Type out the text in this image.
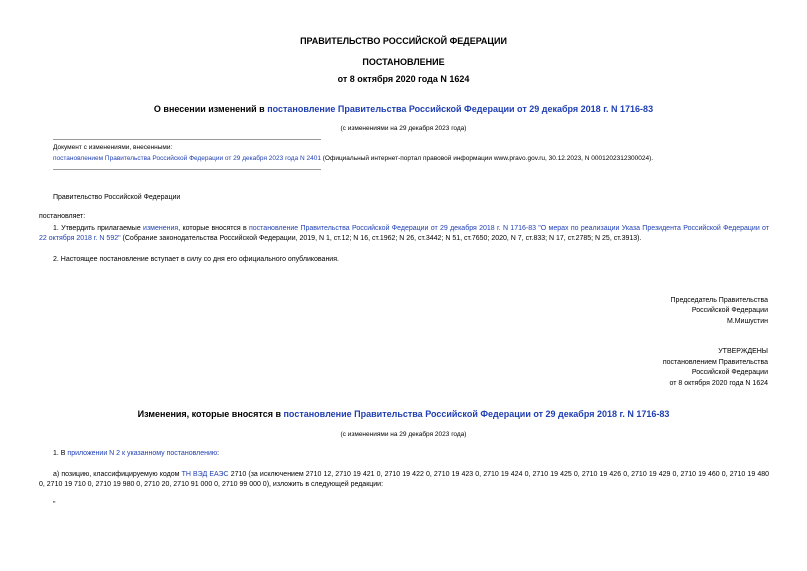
ПРАВИТЕЛЬСТВО РОССИЙСКОЙ ФЕДЕРАЦИИ
ПОСТАНОВЛЕНИЕ
от 8 октября 2020 года N 1624
О внесении изменений в постановление Правительства Российской Федерации от 29 декабря 2018 г. N 1716-83
(с изменениями на 29 декабря 2023 года)
Документ с изменениями, внесенными:
постановлением Правительства Российской Федерации от 29 декабря 2023 года N 2401 (Официальный интернет-портал правовой информации www.pravo.gov.ru, 30.12.2023, N 0001202312300024).
Правительство Российской Федерации
постановляет:
1. Утвердить прилагаемые изменения, которые вносятся в постановление Правительства Российской Федерации от 29 декабря 2018 г. N 1716-83 "О мерах по реализации Указа Президента Российской Федерации от 22 октября 2018 г. N 592" (Собрание законодательства Российской Федерации, 2019, N 1, ст.12; N 16, ст.1962; N 26, ст.3442; N 51, ст.7650; 2020, N 7, ст.833; N 17, ст.2785; N 25, ст.3913).
2. Настоящее постановление вступает в силу со дня его официального опубликования.
Председатель Правительства
Российской Федерации
М.Мишустин
УТВЕРЖДЕНЫ
постановлением Правительства
Российской Федерации
от 8 октября 2020 года N 1624
Изменения, которые вносятся в постановление Правительства Российской Федерации от 29 декабря 2018 г. N 1716-83
(с изменениями на 29 декабря 2023 года)
1. В приложении N 2 к указанному постановлению:
а) позицию, классифицируемую кодом ТН ВЭД ЕАЭС 2710 (за исключением 2710 12, 2710 19 421 0, 2710 19 422 0, 2710 19 423 0, 2710 19 424 0, 2710 19 425 0, 2710 19 426 0, 2710 19 429 0, 2710 19 460 0, 2710 19 480 0, 2710 19 710 0, 2710 19 980 0, 2710 20, 2710 91 000 0, 2710 99 000 0), изложить в следующей редакции:
"
